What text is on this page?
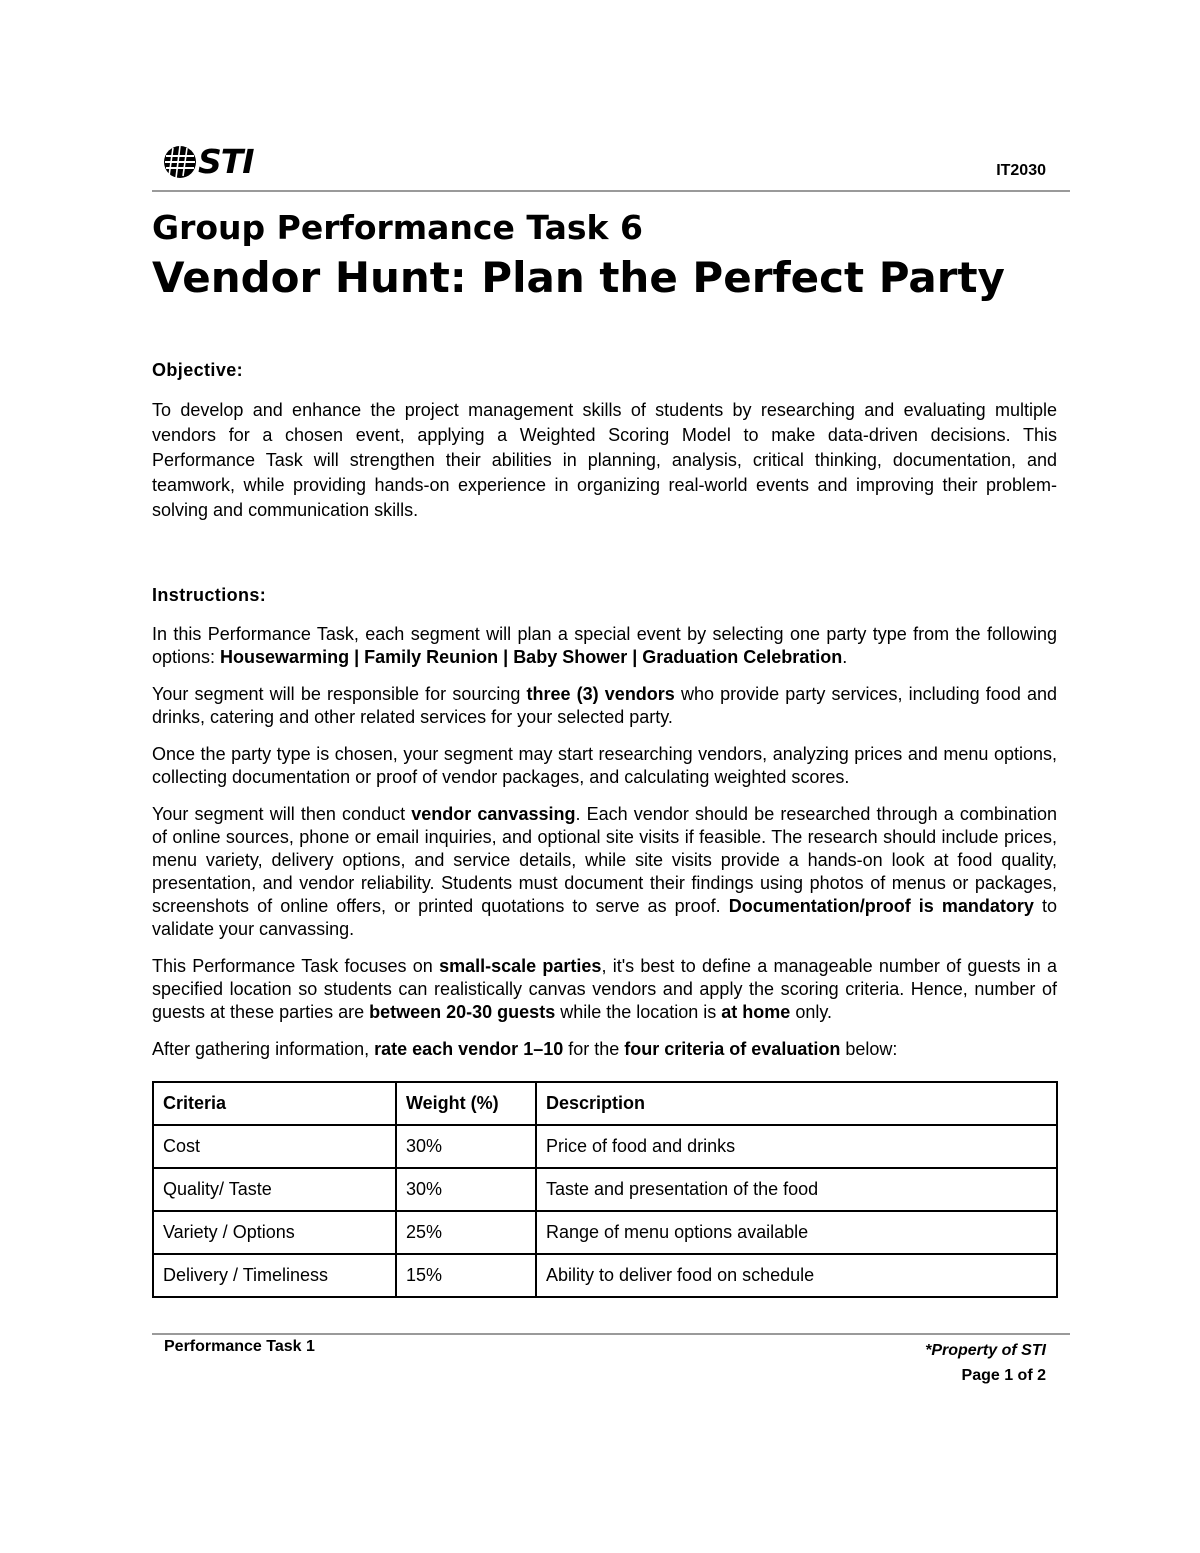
STI	IT2030
Group Performance Task 6
Vendor Hunt: Plan the Perfect Party
Objective:
To develop and enhance the project management skills of students by researching and evaluating multiple vendors for a chosen event, applying a Weighted Scoring Model to make data-driven decisions. This Performance Task will strengthen their abilities in planning, analysis, critical thinking, documentation, and teamwork, while providing hands-on experience in organizing real-world events and improving their problem-solving and communication skills.
Instructions:
In this Performance Task, each segment will plan a special event by selecting one party type from the following options: Housewarming | Family Reunion | Baby Shower | Graduation Celebration.
Your segment will be responsible for sourcing three (3) vendors who provide party services, including food and drinks, catering and other related services for your selected party.
Once the party type is chosen, your segment may start researching vendors, analyzing prices and menu options, collecting documentation or proof of vendor packages, and calculating weighted scores.
Your segment will then conduct vendor canvassing. Each vendor should be researched through a combination of online sources, phone or email inquiries, and optional site visits if feasible. The research should include prices, menu variety, delivery options, and service details, while site visits provide a hands-on look at food quality, presentation, and vendor reliability. Students must document their findings using photos of menus or packages, screenshots of online offers, or printed quotations to serve as proof. Documentation/proof is mandatory to validate your canvassing.
This Performance Task focuses on small-scale parties, it's best to define a manageable number of guests in a specified location so students can realistically canvas vendors and apply the scoring criteria. Hence, number of guests at these parties are between 20-30 guests while the location is at home only.
After gathering information, rate each vendor 1–10 for the four criteria of evaluation below:
Criteria	Weight (%)	Description
Cost	30%	Price of food and drinks
Quality/ Taste	30%	Taste and presentation of the food
Variety / Options	25%	Range of menu options available
Delivery / Timeliness	15%	Ability to deliver food on schedule
Performance Task 1	*Property of STI
Page 1 of 2
